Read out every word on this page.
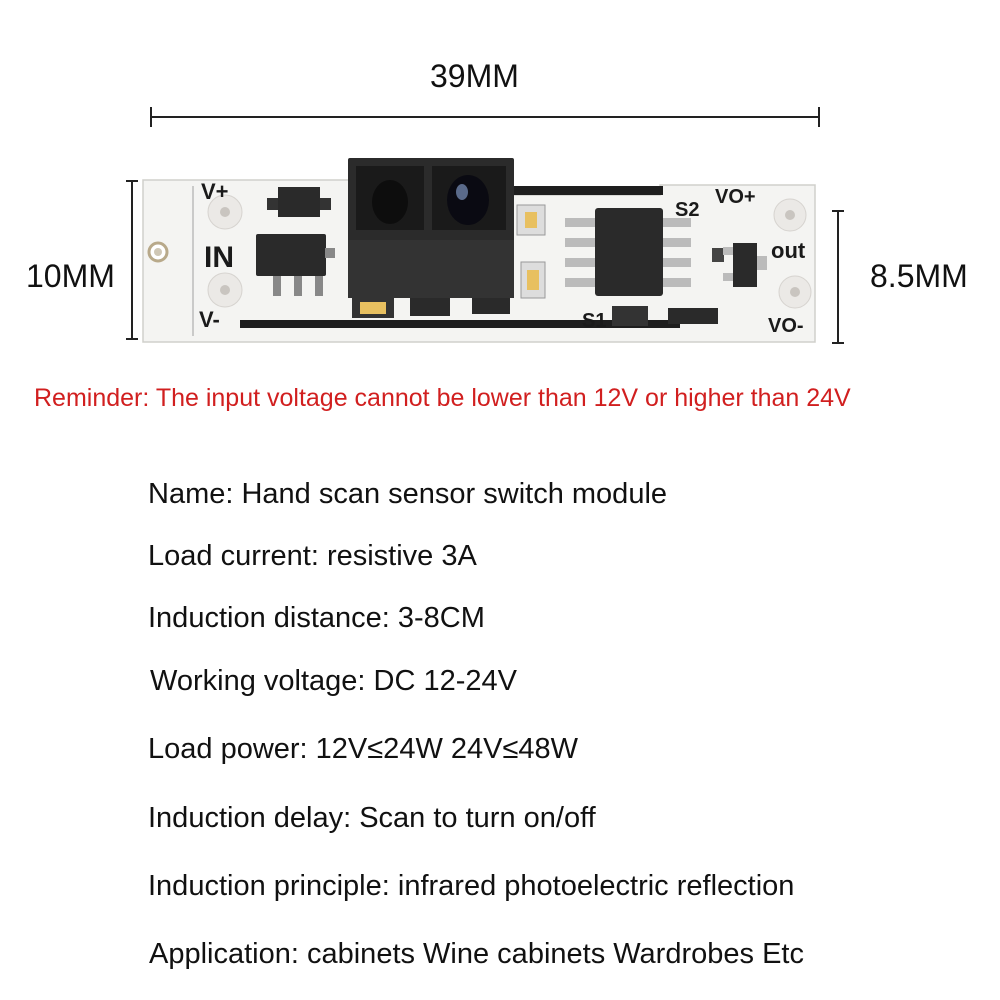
V+
IN
V-
S2
S1
VO+
out
VO-
39MM
10MM	8.5MM
Reminder: The input voltage cannot be lower than 12V or higher than 24V
Name: Hand scan sensor switch module
Load current: resistive 3A
Induction distance: 3-8CM
Working voltage: DC 12-24V
Load power: 12V≤24W 24V≤48W
Induction delay: Scan to turn on/off
Induction principle: infrared photoelectric reflection
Application: cabinets Wine cabinets Wardrobes Etc
